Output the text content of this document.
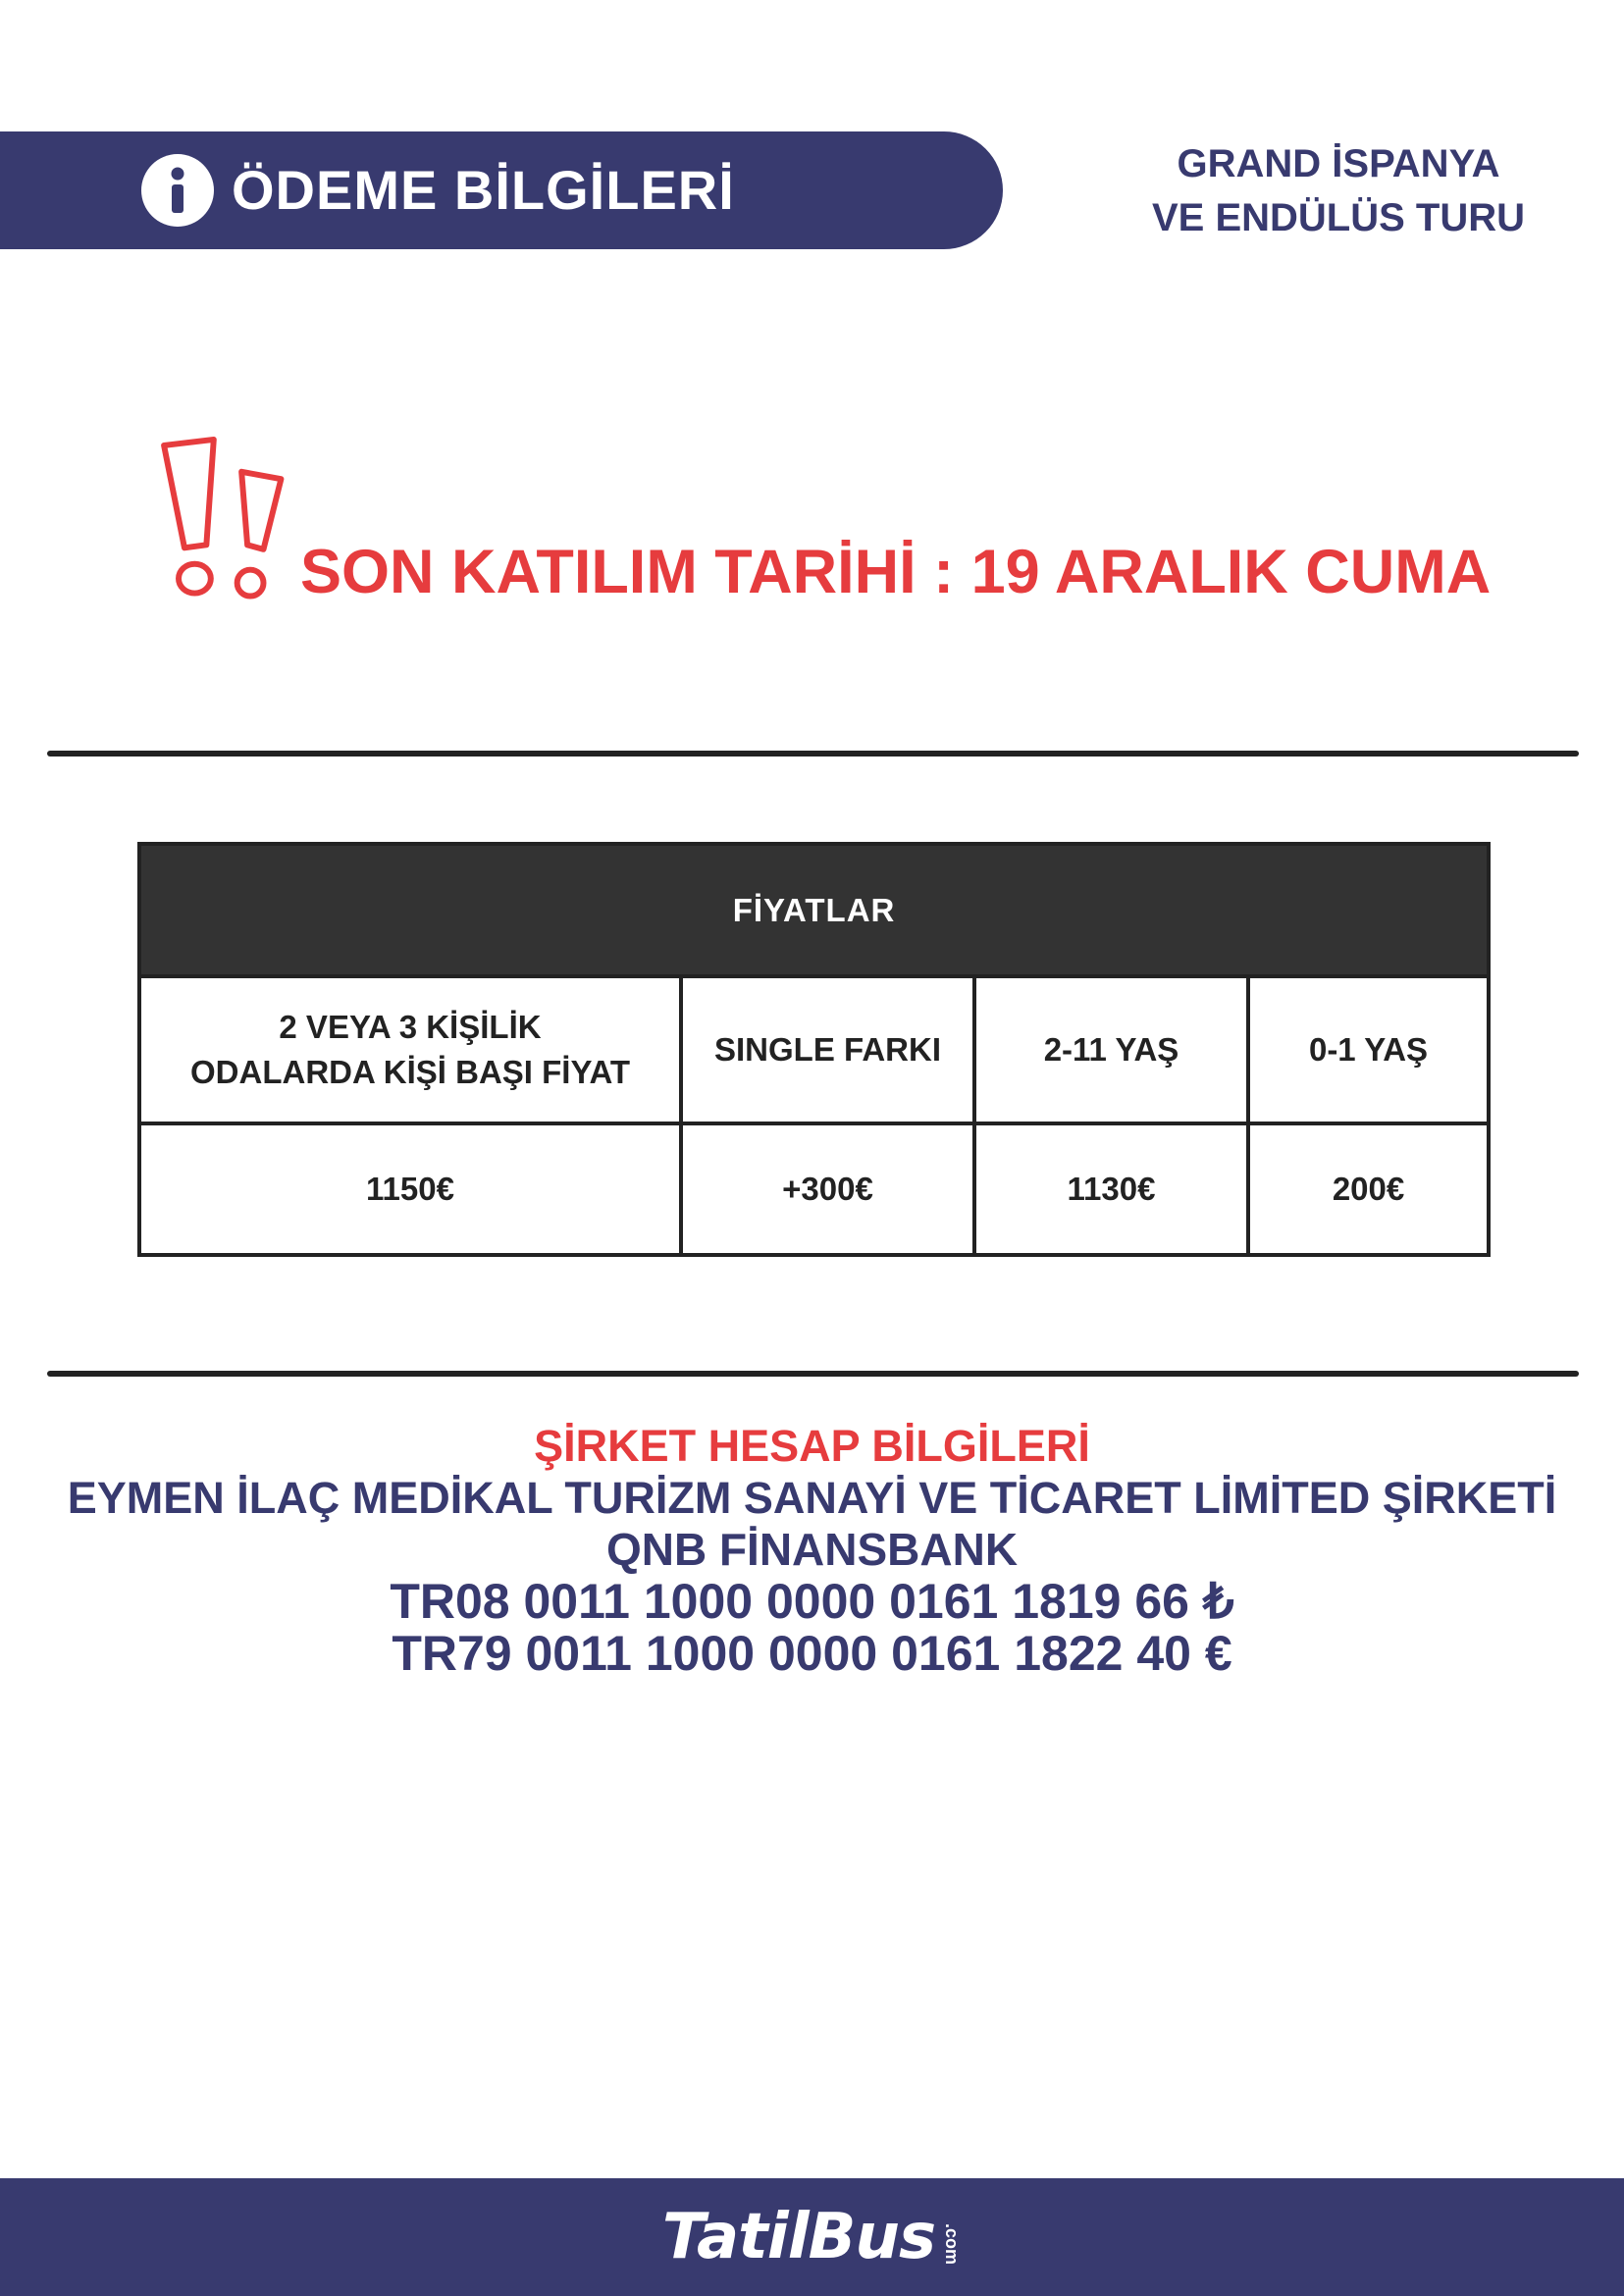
ÖDEME BİLGİLERİ	GRAND İSPANYA
VE ENDÜLÜS TURU
SON KATILIM TARİHİ : 19 ARALIK CUMA
FİYATLAR			
2 VEYA 3 KİŞİLİK
ODALARDA KİŞİ BAŞI FİYAT	SINGLE FARKI	2-11 YAŞ	0-1 YAŞ
1150€	+300€	1130€	200€
ŞİRKET HESAP BİLGİLERİ
EYMEN İLAÇ MEDİKAL TURİZM SANAYİ VE TİCARET LİMİTED ŞİRKETİ
QNB FİNANSBANK
TR08 0011 1000 0000 0161 1819 66 ₺
TR79 0011 1000 0000 0161 1822 40 €
TatilBus .com
